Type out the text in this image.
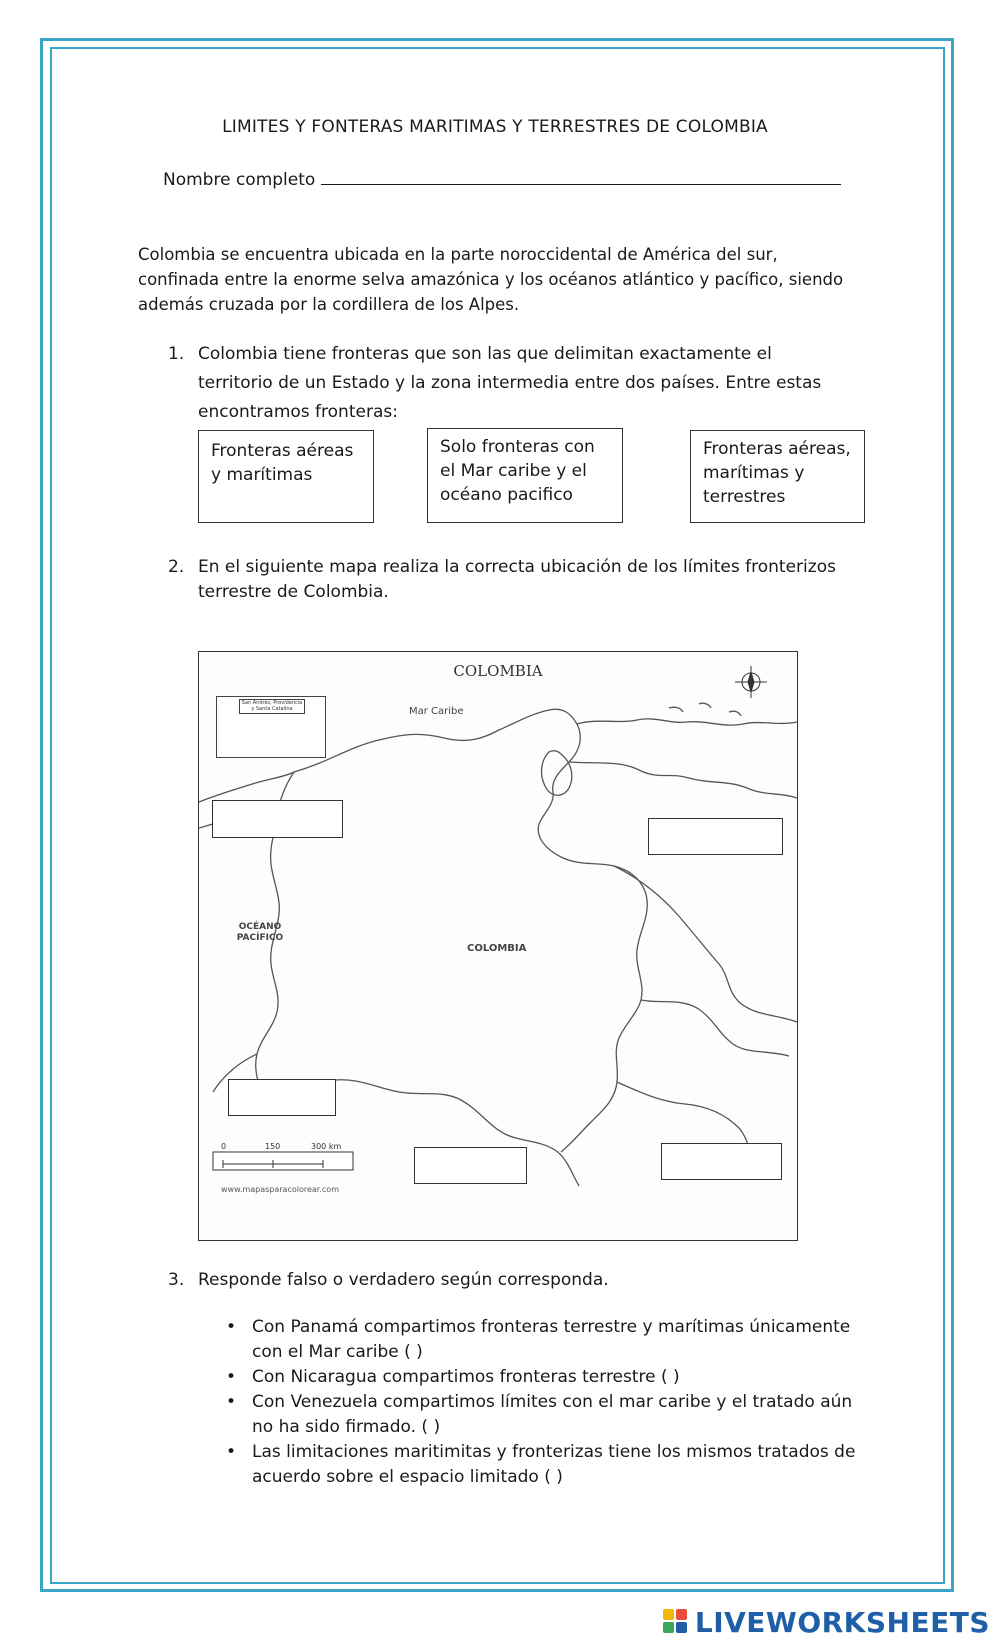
LIMITES Y FONTERAS MARITIMAS Y TERRESTRES DE COLOMBIA
Nombre completo
Colombia se encuentra ubicada en la parte noroccidental de América del sur, confinada entre la enorme selva amazónica y los océanos atlántico y pacífico, siendo además cruzada por la cordillera de los Alpes.
1. Colombia tiene fronteras que son las que delimitan exactamente el territorio de un Estado y la zona intermedia entre dos países. Entre estas encontramos fronteras:
Fronteras aéreas y marítimas
Solo fronteras con el Mar caribe y el océano pacifico
Fronteras aéreas, marítimas y terrestres
2. En el siguiente mapa realiza la correcta ubicación de los límites fronterizos terrestre de Colombia.
San Andrés, Providencia y Santa Catalina
COLOMBIA
Mar Caribe
OCÉANO PACÍFICO
COLOMBIA
0	150	300 km
www.mapasparacolorear.com
3. Responde falso o verdadero según corresponda.

• Con Panamá compartimos fronteras terrestre y marítimas únicamente con el Mar caribe ( )

• Con Nicaragua compartimos fronteras terrestre ( )

• Con Venezuela compartimos límites con el mar caribe y el tratado aún no ha sido firmado. ( )

• Las limitaciones maritimitas y fronterizas tiene los mismos tratados de acuerdo sobre el espacio limitado ( )

LIVEWORKSHEETS
